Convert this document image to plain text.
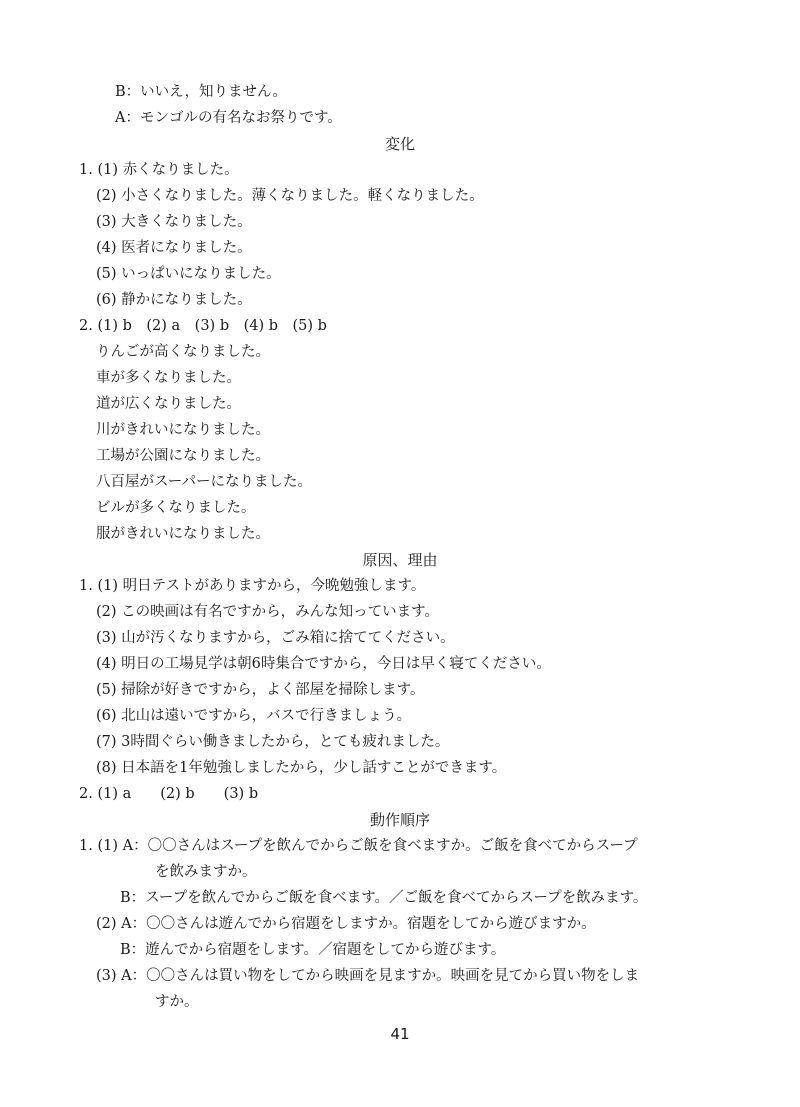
B：いいえ，知りません。
A：モンゴルの有名なお祭りです。
変化
1. (1) 赤くなりました。
(2) 小さくなりました。薄くなりました。軽くなりました。
(3) 大きくなりました。
(4) 医者になりました。
(5) いっぱいになりました。
(6) 静かになりました。
2. (1) b　(2) a　(3) b　(4) b　(5) b
りんごが高くなりました。
車が多くなりました。
道が広くなりました。
川がきれいになりました。
工場が公園になりました。
八百屋がスーパーになりました。
ビルが多くなりました。
服がきれいになりました。
原因、理由
1. (1) 明日テストがありますから，今晩勉強します。
(2) この映画は有名ですから，みんな知っています。
(3) 山が汚くなりますから，ごみ箱に捨ててください。
(4) 明日の工場見学は朝6時集合ですから，今日は早く寝てください。
(5) 掃除が好きですから，よく部屋を掃除します。
(6) 北山は遠いですから，バスで行きましょう。
(7) 3時間ぐらい働きましたから，とても疲れました。
(8) 日本語を1年勉強しましたから，少し話すことができます。
2. (1) a　　(2) b　　(3) b
動作順序
1. (1) A：〇〇さんはスープを飲んでからご飯を食べますか。ご飯を食べてからスープ
を飲みますか。
B：スープを飲んでからご飯を食べます。／ご飯を食べてからスープを飲みます。
(2) A：〇〇さんは遊んでから宿題をしますか。宿題をしてから遊びますか。
B：遊んでから宿題をします。／宿題をしてから遊びます。
(3) A：〇〇さんは買い物をしてから映画を見ますか。映画を見てから買い物をしま
すか。
41
